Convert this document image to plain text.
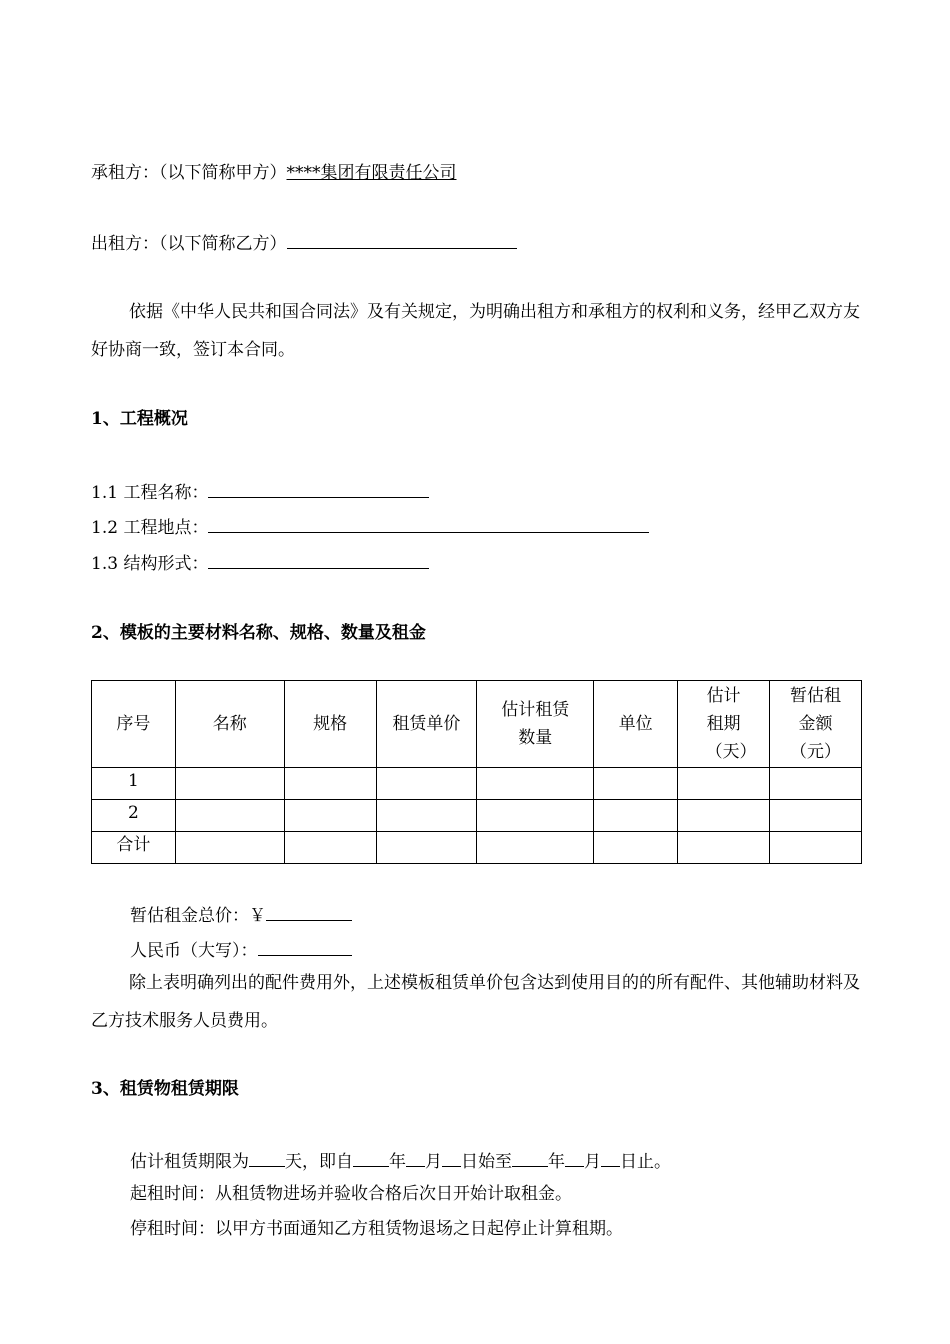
承租方：（以下简称甲方）****集团有限责任公司
出租方：（以下简称乙方）
依据《中华人民共和国合同法》及有关规定，为明确出租方和承租方的权利和义务，经甲乙双方友好协商一致，签订本合同。
1、工程概况
1.1 工程名称：
1.2 工程地点：
1.3 结构形式：
2、模板的主要材料名称、规格、数量及租金
序号	名称	规格	租赁单价	估计租赁数量	单位	估计租期（天）	暂估租金额（元）

1							
2							
合计							
暂估租金总价：￥
人民币（大写）：
除上表明确列出的配件费用外，上述模板租赁单价包含达到使用目的的所有配件、其他辅助材料及乙方技术服务人员费用。
3、租赁物租赁期限
估计租赁期限为 天，即自 年 月 日始至 年 月 日止。
起租时间：从租赁物进场并验收合格后次日开始计取租金。
停租时间：以甲方书面通知乙方租赁物退场之日起停止计算租期。
